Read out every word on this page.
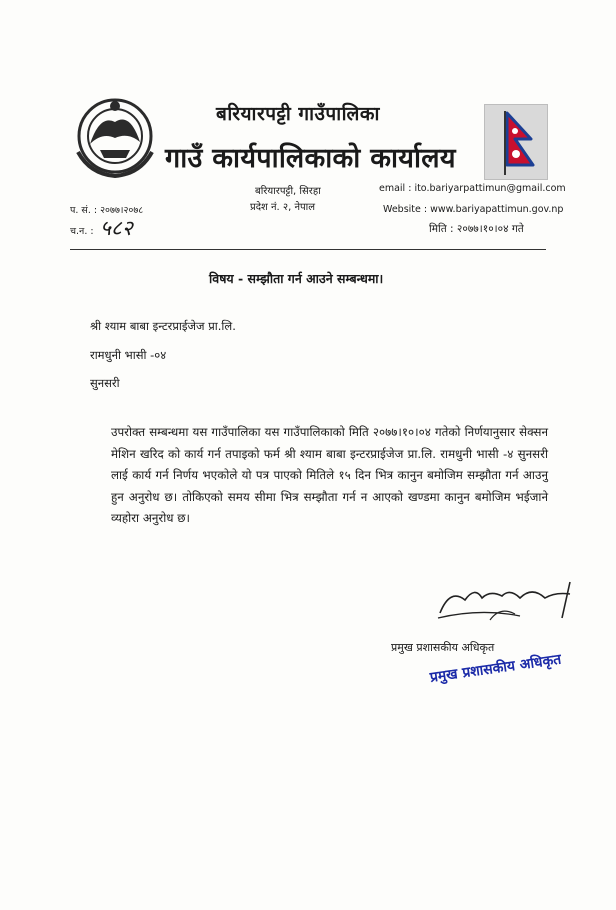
बरियारपट्टी गाउँपालिका
गाउँ कार्यपालिकाको कार्यालय
बरियारपट्टी, सिरहा
प्रदेश नं. २, नेपाल
email : ito.bariyarpattimun@gmail.com
Website : www.bariyapattimun.gov.np
प. सं. : २०७७।२०७८
च.न. : ५८२	मिति : २०७७।१०।०४ गते
विषय - सम्झौता गर्न आउने सम्बन्धमा।
श्री श्याम बाबा इन्टरप्राईजेज प्रा.लि.
रामधुनी भासी -०४
सुनसरी
उपरोक्त सम्बन्धमा यस गाउँपालिका यस गाउँपालिकाको मिति २०७७।१०।०४ गतेको निर्णयानुसार सेक्सन मेशिन खरिद को कार्य गर्न तपाइको फर्म श्री श्याम बाबा इन्टरप्राईजेज प्रा.लि. रामधुनी भासी -४ सुनसरी लाई कार्य गर्न निर्णय भएकोले यो पत्र पाएको मितिले १५ दिन भित्र कानुन बमोजिम सम्झौता गर्न आउनु हुन अनुरोध छ। तोकिएको समय सीमा भित्र सम्झौता गर्न न आएको खण्डमा कानुन बमोजिम भईजाने व्यहोरा अनुरोध छ।
प्रमुख प्रशासकीय अधिकृत
प्रमुख प्रशासकीय अधिकृत
